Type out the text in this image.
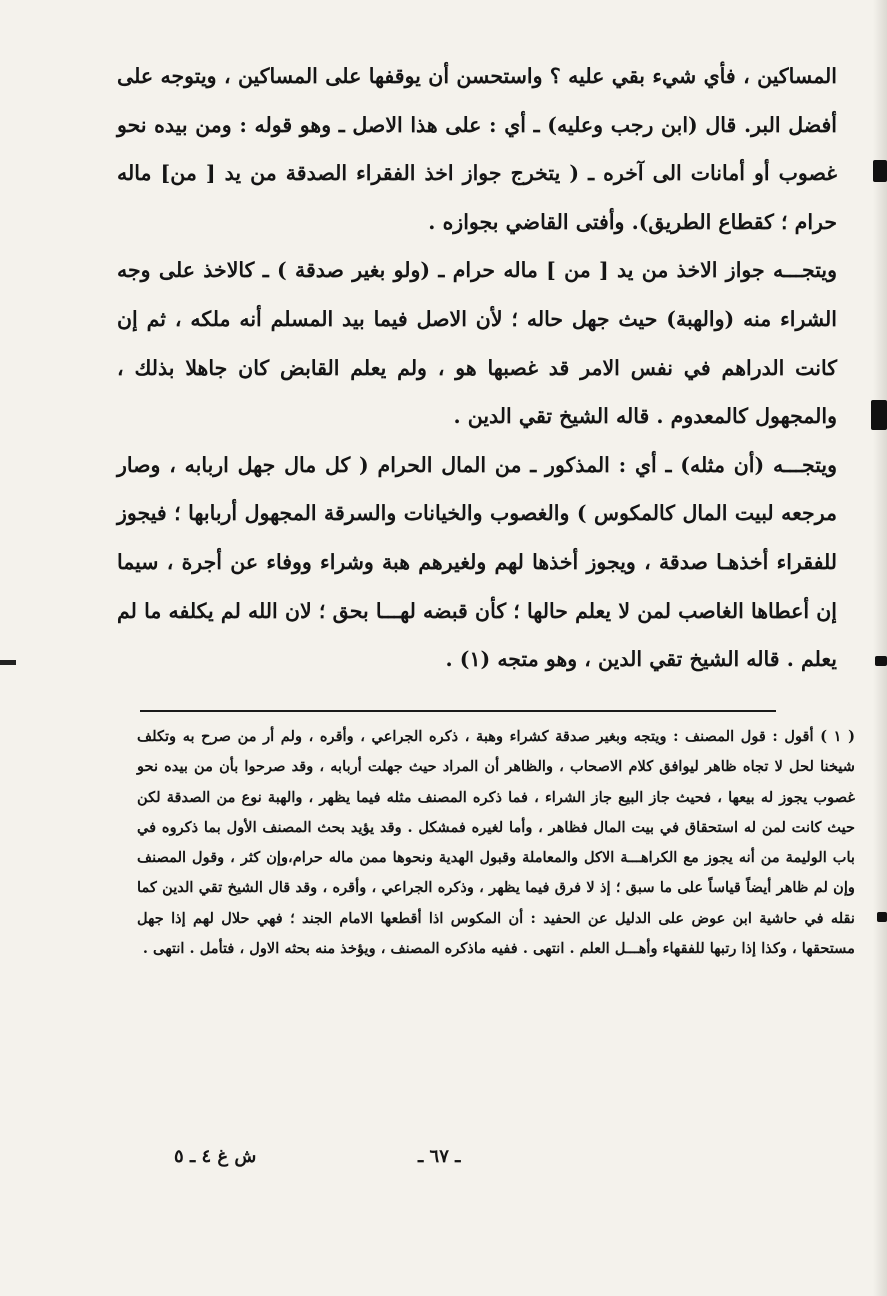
المساكين ، فأي شيء بقي عليه ؟ واستحسن أن يوقفها على المساكين ، ويتوجه على أفضل البر. قال (ابن رجب وعليه) ـ أي : على هذا الاصل ـ وهو قوله : ومن بيده نحو غصوب أو أمانات الى آخره ـ ( يتخرج جواز اخذ الفقراء الصدقة من يد [ من] ماله حرام ؛ كقطاع الطريق). وأفتى القاضي بجوازه .

ويتجـــه جواز الاخذ من يد [ من ] ماله حرام ـ (ولو بغير صدقة ) ـ كالاخذ على وجه الشراء منه (والهبة) حيث جهل حاله ؛ لأن الاصل فيما بيد المسلم أنه ملكه ، ثم إن كانت الدراهم في نفس الامر قد غصبها هو ، ولم يعلم القابض كان جاهلا بذلك ، والمجهول كالمعدوم . قاله الشيخ تقي الدين .

ويتجـــه (أن مثله) ـ أي : المذكور ـ من المال الحرام ( كل مال جهل اربابه ، وصار مرجعه لبيت المال كالمكوس ) والغصوب والخيانات والسرقة المجهول أربابها ؛ فيجوز للفقراء أخذهـا صدقة ، ويجوز أخذها لهم ولغيرهم هبة وشراء ووفاء عن أجرة ، سيما إن أعطاها الغاصب لمن لا يعلم حالها ؛ كأن قبضه لهـــا بحق ؛ لان الله لم يكلفه ما لم يعلم . قاله الشيخ تقي الدين ، وهو متجه (١) .

( ١ ) أقول : قول المصنف : ويتجه وبغير صدقة كشراء وهبة ، ذكره الجراعي ، وأقره ، ولم أر من صرح به وتكلف شيخنا لحل لا تجاه ظاهر ليوافق كلام الاصحاب ، والظاهر أن المراد حيث جهلت أربابه ، وقد صرحوا بأن من بيده نحو غصوب يجوز له بيعها ، فحيث جاز البيع جاز الشراء ، فما ذكره المصنف مثله فيما يظهر ، والهبة نوع من الصدقة لكن حيث كانت لمن له استحقاق في بيت المال فظاهر ، وأما لغيره فمشكل . وقد يؤيد بحث المصنف الأول بما ذكروه في باب الوليمة من أنه يجوز مع الكراهـــة الاكل والمعاملة وقبول الهدية ونحوها ممن ماله حرام،وإن كثر ، وقول المصنف وإن لم ظاهر أيضاً قياساً على ما سبق ؛ إذ لا فرق فيما يظهر ، وذكره الجراعي ، وأقره ، وقد قال الشيخ تقي الدين كما نقله في حاشية ابن عوض على الدليل عن الحفيد : أن المكوس اذا أقطعها الامام الجند ؛ فهي حلال لهم إذا جهل مستحقها ، وكذا إذا رتبها للفقهاء وأهـــل العلم . انتهى . ففيه ماذكره المصنف ، ويؤخذ منه بحثه الاول ، فتأمل . انتهى .

ش غ ٤ ـ ٥	ـ ٦٧ ـ
